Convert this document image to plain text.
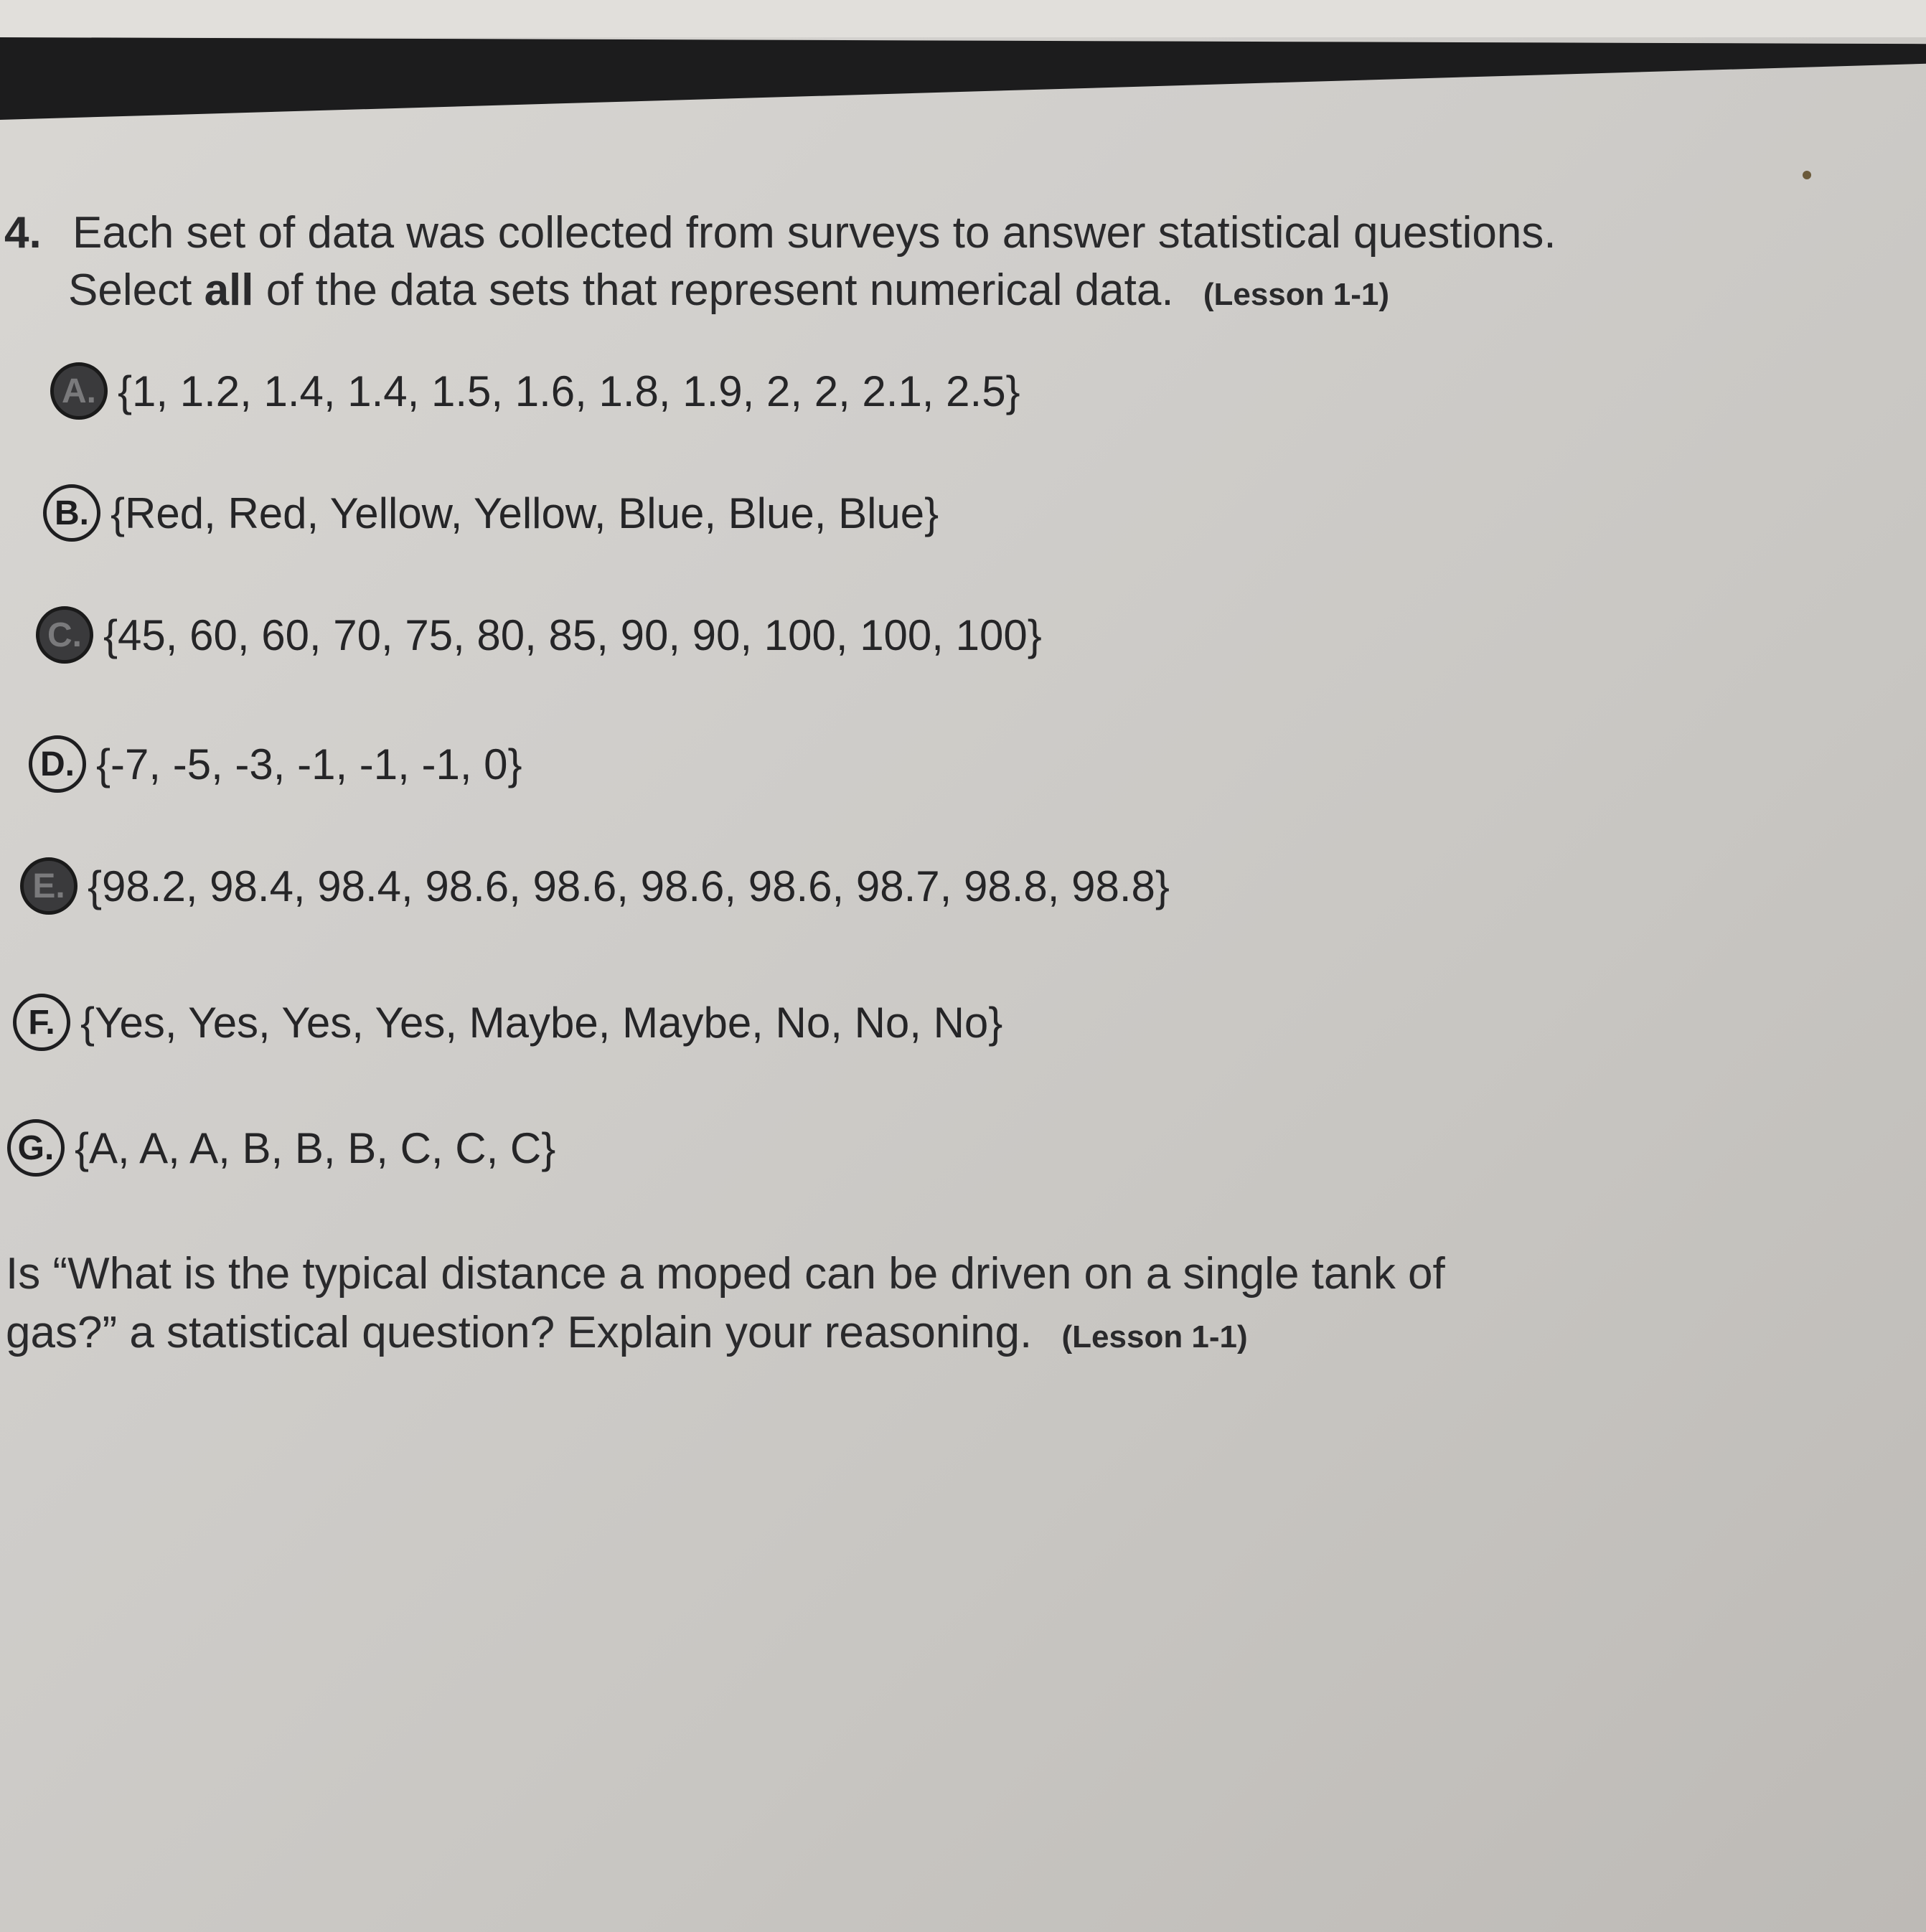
4. Each set of data was collected from surveys to answer statistical questions.
Select all of the data sets that represent numerical data. (Lesson 1-1)
A. {1, 1.2, 1.4, 1.4, 1.5, 1.6, 1.8, 1.9, 2, 2, 2.1, 2.5}
B. {Red, Red, Yellow, Yellow, Blue, Blue, Blue}
C. {45, 60, 60, 70, 75, 80, 85, 90, 90, 100, 100, 100}
D. {-7, -5, -3, -1, -1, -1, 0}
E. {98.2, 98.4, 98.4, 98.6, 98.6, 98.6, 98.6, 98.7, 98.8, 98.8}
F. {Yes, Yes, Yes, Yes, Maybe, Maybe, No, No, No}
G. {A, A, A, B, B, B, C, C, C}
Is “What is the typical distance a moped can be driven on a single tank of
gas?” a statistical question? Explain your reasoning. (Lesson 1-1)
